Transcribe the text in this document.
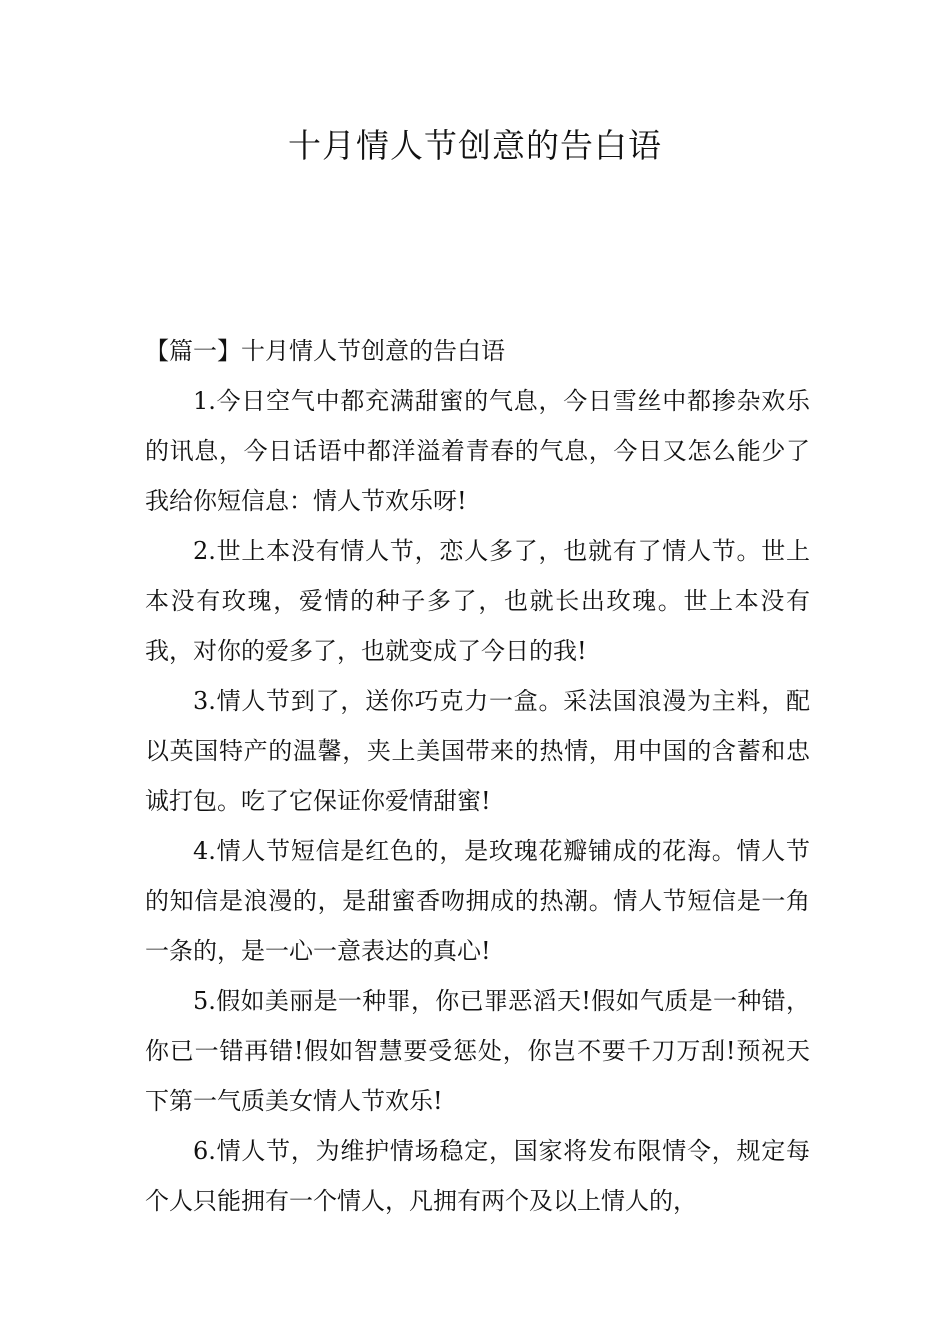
十月情人节创意的告白语

【篇一】十月情人节创意的告白语

1.今日空气中都充满甜蜜的气息，今日雪丝中都掺杂欢乐的讯息，今日话语中都洋溢着青春的气息，今日又怎么能少了我给你短信息：情人节欢乐呀!

2.世上本没有情人节，恋人多了，也就有了情人节。世上本没有玫瑰，爱情的种子多了，也就长出玫瑰。世上本没有我，对你的爱多了，也就变成了今日的我!

3.情人节到了，送你巧克力一盒。采法国浪漫为主料，配以英国特产的温馨，夹上美国带来的热情，用中国的含蓄和忠诚打包。吃了它保证你爱情甜蜜!

4.情人节短信是红色的，是玫瑰花瓣铺成的花海。情人节的知信是浪漫的，是甜蜜香吻拥成的热潮。情人节短信是一角一条的，是一心一意表达的真心!

5.假如美丽是一种罪，你已罪恶滔天!假如气质是一种错，你已一错再错!假如智慧要受惩处，你岂不要千刀万刮!预祝天下第一气质美女情人节欢乐!

6.情人节，为维护情场稳定，国家将发布限情令，规定每个人只能拥有一个情人，凡拥有两个及以上情人的，
